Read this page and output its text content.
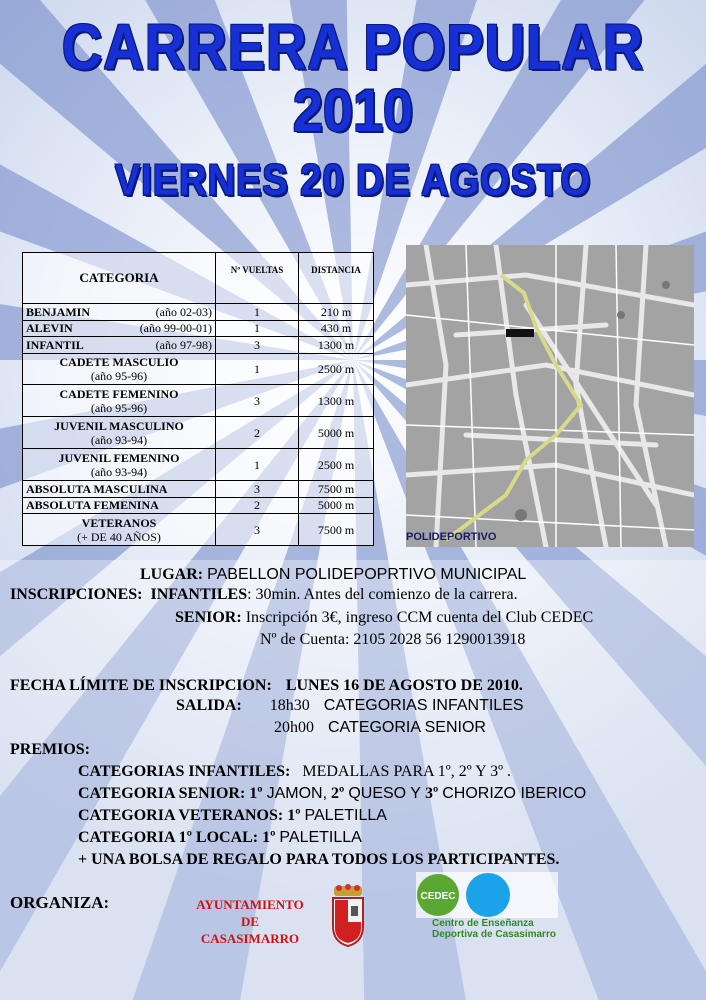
CARRERA POPULAR
2010
VIERNES 20 DE AGOSTO
CATEGORIA	Nº VUELTAS	DISTANCIA
BENJAMIN (año 02-03)	1	210 m
ALEVIN (año 99-00-01)	1	430 m
INFANTIL (año 97-98)	3	1300 m
CADETE MASCULIO
(año 95-96)	1	2500 m
CADETE FEMENINO
(año 95-96)	3	1300 m
JUVENIL MASCULINO
(año 93-94)	2	5000 m
JUVENIL FEMENINO
(año 93-94)	1	2500 m
ABSOLUTA MASCULINA	3	7500 m
ABSOLUTA FEMENINA	2	5000 m
VETERANOS
(+ DE 40 AÑOS)	3	7500 m
POLIDEPORTIVO
LUGAR: PABELLON POLIDEPOPRTIVO MUNICIPAL
INSCRIPCIONES: INFANTILES: 30min. Antes del comienzo de la carrera.
SENIOR: Inscripción 3€, ingreso CCM cuenta del Club CEDEC
Nº de Cuenta: 2105 2028 56 1290013918
FECHA LÍMITE DE INSCRIPCION: LUNES 16 DE AGOSTO DE 2010.
SALIDA: 18h30 CATEGORIAS INFANTILES
20h00 CATEGORIA SENIOR
PREMIOS:
CATEGORIAS INFANTILES: MEDALLAS PARA 1º, 2º Y 3º .
CATEGORIA SENIOR: 1º JAMON, 2º QUESO Y 3º CHORIZO IBERICO
CATEGORIA VETERANOS: 1º PALETILLA
CATEGORIA 1º LOCAL: 1º PALETILLA
+ UNA BOLSA DE REGALO PARA TODOS LOS PARTICIPANTES.
ORGANIZA:	AYUNTAMIENTO
DE
CASASIMARRO
CEDEC
Centro de Enseñanza
Deportiva de Casasimarro
